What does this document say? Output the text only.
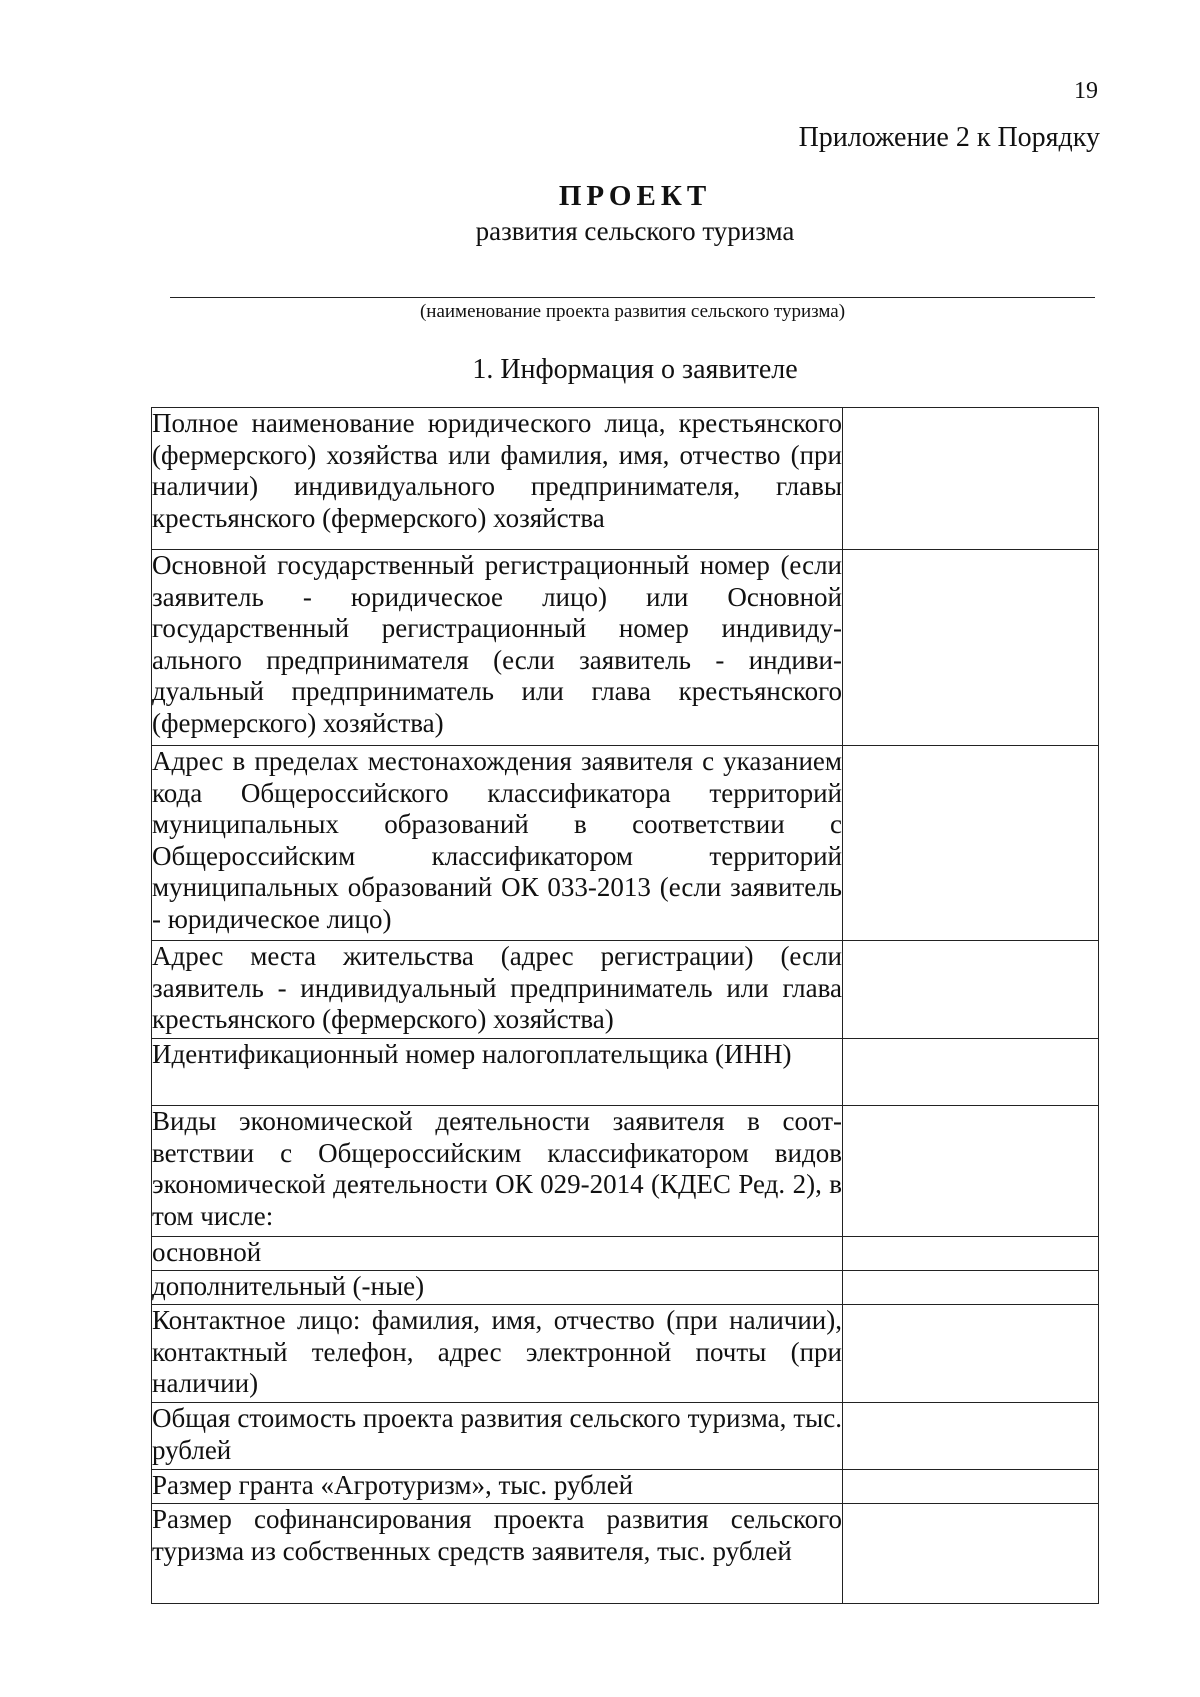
19
Приложение 2 к Порядку
ПРОЕКТ
развития сельского туризма
(наименование проекта развития сельского туризма)
1. Информация о заявителе
Полное наименование юридического лица, крестьянского (фермерского) хозяйства или фамилия, имя, отчество (при наличии) индивидуального предпринимателя, главы крестьянского (фермерского) хозяйства	
Основной государственный регистрационный номер (если заявитель - юридическое лицо) или Основной государственный регистрационный номер индивидуального предпринимателя (если заявитель - индивидуальный предприниматель или глава крестьянского (фермерского) хозяйства)	
Адрес в пределах местонахождения заявителя с указанием кода Общероссийского классификатора территорий муниципальных образований в соответствии с Общероссийским классификатором территорий муниципальных образований ОК 033-2013 (если заявитель - юридическое лицо)	
Адрес места жительства (адрес регистрации) (если заявитель - индивидуальный предприниматель или глава крестьянского (фермерского) хозяйства)	
Идентификационный номер налогоплательщика (ИНН)	
Виды экономической деятельности заявителя в соответствии с Общероссийским классификатором видов экономической деятельности ОК 029-2014 (КДЕС Ред. 2), в том числе:	
основной	
дополнительный (-ные)	
Контактное лицо: фамилия, имя, отчество (при наличии), контактный телефон, адрес электронной почты (при наличии)	
Общая стоимость проекта развития сельского туризма, тыс. рублей	
Размер гранта «Агротуризм», тыс. рублей	
Размер софинансирования проекта развития сельского туризма из собственных средств заявителя, тыс. рублей	
